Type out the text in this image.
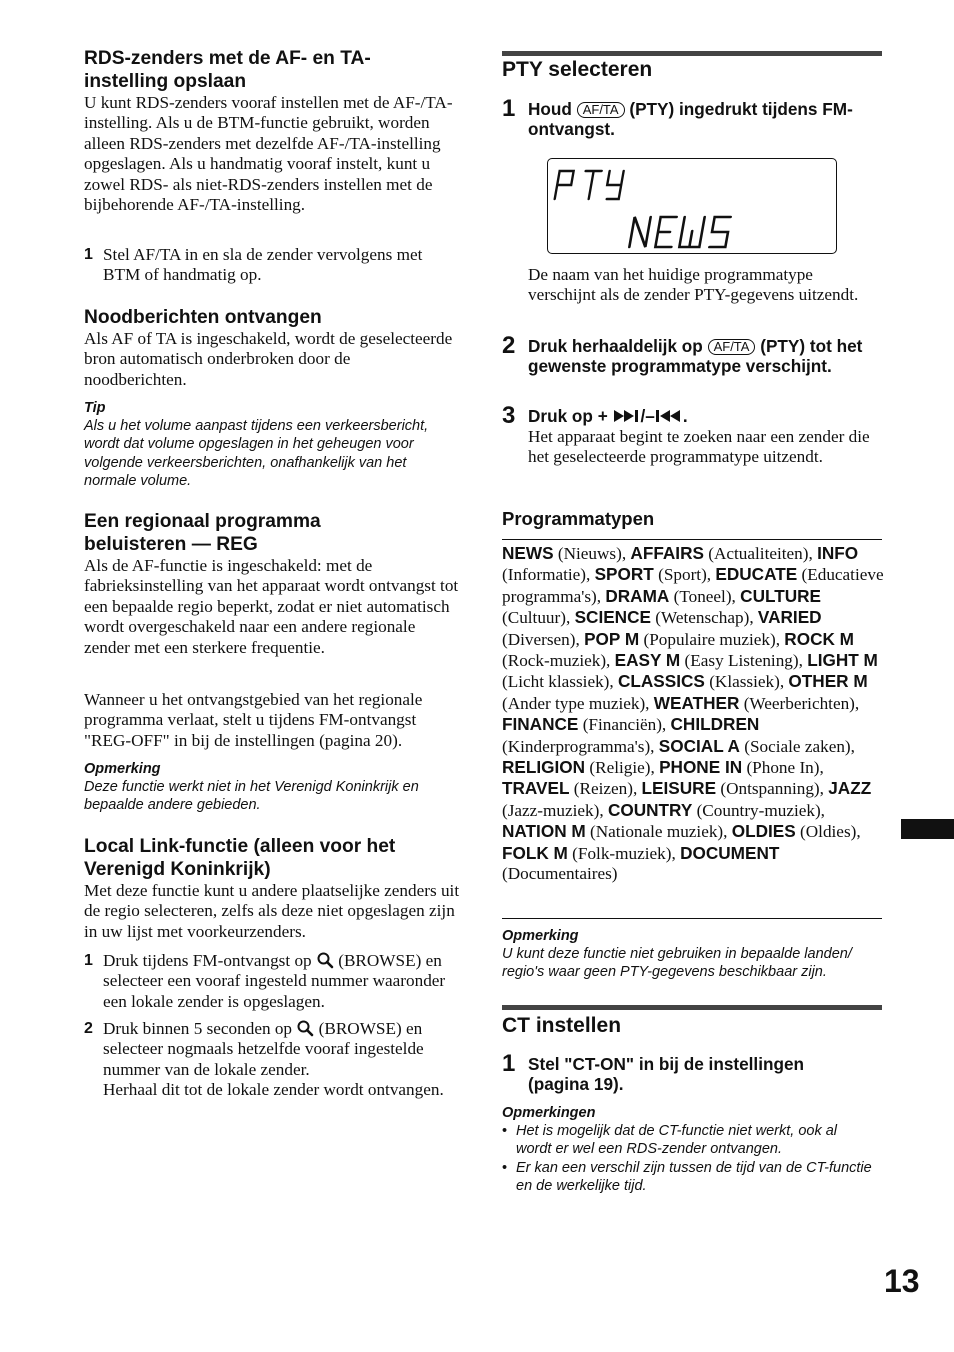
RDS-zenders met de AF- en TA-instelling opslaan

U kunt RDS-zenders vooraf instellen met de AF-/TA-instelling. Als u de BTM-functie gebruikt, worden alleen RDS-zenders met dezelfde AF-/TA-instelling opgeslagen. Als u handmatig vooraf instelt, kunt u zowel RDS- als niet-RDS-zenders instellen met de bijbehorende AF-/TA-instelling.

1 Stel AF/TA in en sla de zender vervolgens met BTM of handmatig op.
Noodberichten ontvangen

Als AF of TA is ingeschakeld, wordt de geselecteerde bron automatisch onderbroken door de noodberichten.

Tip

Als u het volume aanpast tijdens een verkeersbericht, wordt dat volume opgeslagen in het geheugen voor volgende verkeersberichten, onafhankelijk van het normale volume.

Een regionaal programma beluisteren — REG

Als de AF-functie is ingeschakeld: met de fabrieksinstelling van het apparaat wordt ontvangst tot een bepaalde regio beperkt, zodat er niet automatisch wordt overgeschakeld naar een andere regionale zender met een sterkere frequentie.

Wanneer u het ontvangstgebied van het regionale programma verlaat, stelt u tijdens FM-ontvangst "REG-OFF" in bij de instellingen (pagina 20).

Opmerking

Deze functie werkt niet in het Verenigd Koninkrijk en bepaalde andere gebieden.

Local Link-functie (alleen voor het Verenigd Koninkrijk)

Met deze functie kunt u andere plaatselijke zenders uit de regio selecteren, zelfs als deze niet opgeslagen zijn in uw lijst met voorkeurzenders.

1 Druk tijdens FM-ontvangst op (BROWSE) en selecteer een vooraf ingesteld nummer waaronder een lokale zender is opgeslagen.
2 Druk binnen 5 seconden op (BROWSE) en selecteer nogmaals hetzelfde vooraf ingestelde nummer van de lokale zender.
Herhaal dit tot de lokale zender wordt ontvangen.
PTY selecteren
1 Houd AF/TA (PTY) ingedrukt tijdens FM-ontvangst.

De naam van het huidige programmatype verschijnt als de zender PTY-gegevens uitzendt.

2 Druk herhaaldelijk op AF/TA (PTY) tot het gewenste programmatype verschijnt.
3 Druk op + /– .

Het apparaat begint te zoeken naar een zender die het geselecteerde programmatype uitzendt.

Programmatypen
NEWS (Nieuws), AFFAIRS (Actualiteiten), INFO (Informatie), SPORT (Sport), EDUCATE (Educatieve programma's), DRAMA (Toneel), CULTURE (Cultuur), SCIENCE (Wetenschap), VARIED (Diversen), POP M (Populaire muziek), ROCK M (Rock-muziek), EASY M (Easy Listening), LIGHT M (Licht klassiek), CLASSICS (Klassiek), OTHER M (Ander type muziek), WEATHER (Weerberichten), FINANCE (Financiën), CHILDREN (Kinderprogramma's), SOCIAL A (Sociale zaken), RELIGION (Religie), PHONE IN (Phone In), TRAVEL (Reizen), LEISURE (Ontspanning), JAZZ (Jazz-muziek), COUNTRY (Country-muziek), NATION M (Nationale muziek), OLDIES (Oldies), FOLK M (Folk-muziek), DOCUMENT (Documentaires)

Opmerking

U kunt deze functie niet gebruiken in bepaalde landen/ regio's waar geen PTY-gegevens beschikbaar zijn.

CT instellen
1 Stel "CT-ON" in bij de instellingen (pagina 19).

Opmerkingen

• Het is mogelijk dat de CT-functie niet werkt, ook al wordt er wel een RDS-zender ontvangen.
• Er kan een verschil zijn tussen de tijd van de CT-functie en de werkelijke tijd.
13
